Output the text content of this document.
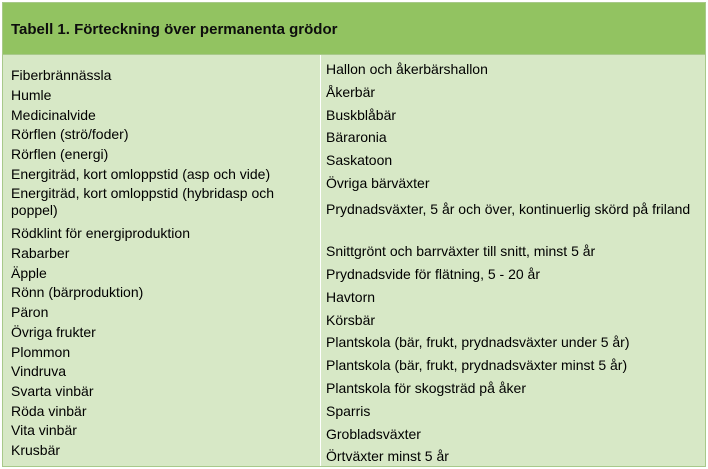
Tabell 1. Förteckning över permanenta grödor
Fiberbrännässla
Humle
Medicinalvide
Rörflen (strö/foder)
Rörflen (energi)
Energiträd, kort omloppstid (asp och vide)
Energiträd, kort omloppstid (hybridasp och poppel)
Rödklint för energiproduktion
Rabarber
Äpple
Rönn (bärproduktion)
Päron
Övriga frukter
Plommon
Vindruva
Svarta vinbär
Röda vinbär
Vita vinbär
Krusbär
Hallon och åkerbärshallon
Åkerbär
Buskblåbär
Bäraronia
Saskatoon
Övriga bärväxter
Prydnadsväxter, 5 år och över, kontinuerlig skörd på friland
Snittgrönt och barrväxter till snitt, minst 5 år
Prydnadsvide för flätning, 5 - 20 år
Havtorn
Körsbär
Plantskola (bär, frukt, prydnadsväxter under 5 år)
Plantskola (bär, frukt, prydnadsväxter minst 5 år)
Plantskola för skogsträd på åker
Sparris
Grobladsväxter
Örtväxter minst 5 år
